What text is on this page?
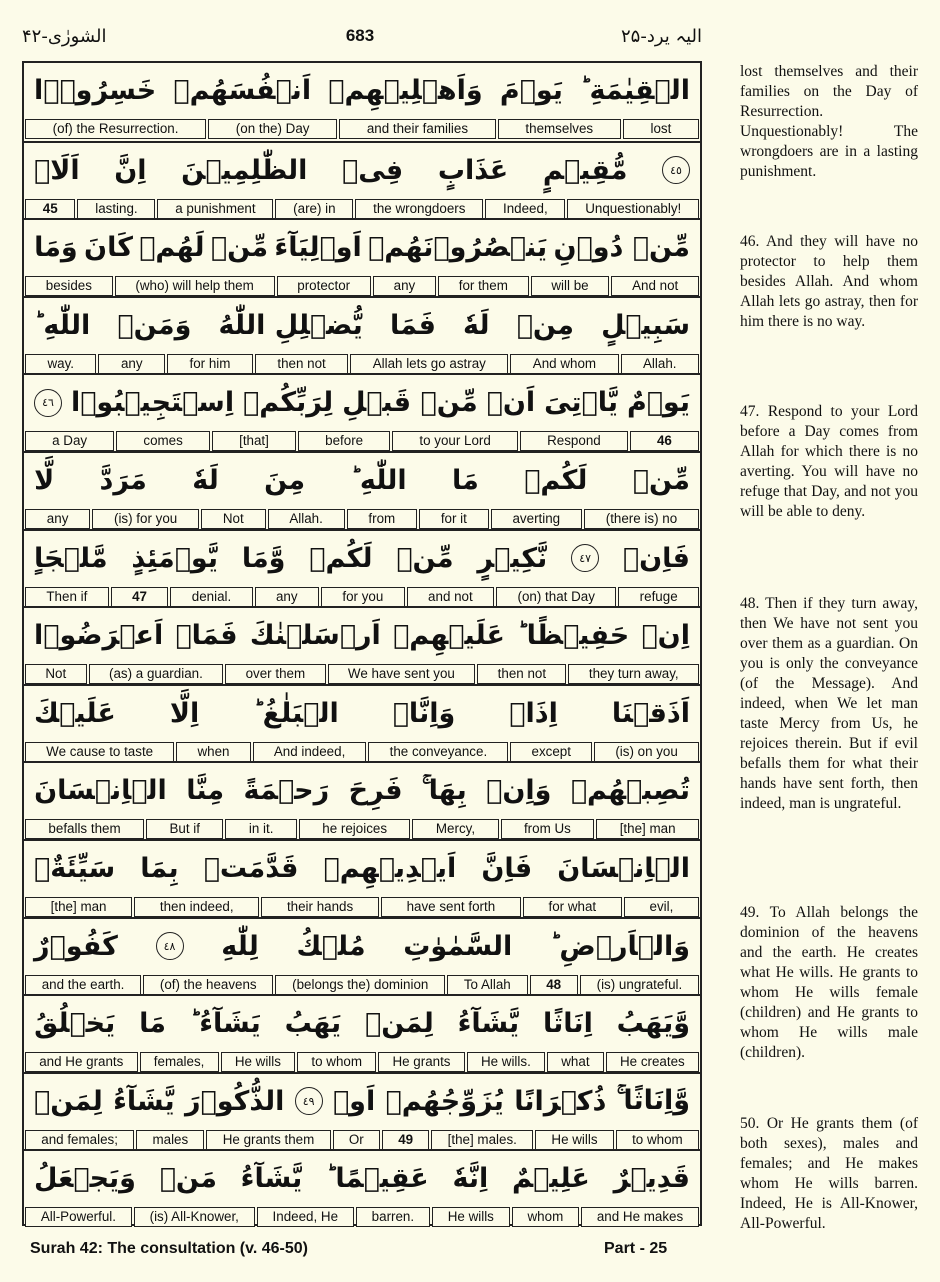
الشورٰی-۴۲	683	الیہ یرد-۲۵
خَسِرُوۡۤا اَنۡفُسَهُمۡ وَاَهۡلِيۡهِمۡ يَوۡمَ الۡقِيٰمَةِ ؕ
(of) the Resurrection.	(on the) Day	and their families	themselves	lost
اَلَاۤ اِنَّ الظّٰلِمِيۡنَ فِىۡ عَذَابٍ مُّقِيۡمٍ	٤٥
45	lasting.	a punishment	(are) in	the wrongdoers	Indeed,	Unquestionably!
وَمَا كَانَ لَهُمۡ مِّنۡ اَوۡلِيَآءَ يَنۡصُرُوۡنَهُمۡ مِّنۡ دُوۡنِ
besides	(who) will help them	protector	any	for them	will be	And not
اللّٰهِ ؕ وَمَنۡ يُّضۡلِلِ اللّٰهُ فَمَا لَهٗ مِنۡ سَبِيۡلٍ
way.	any	for him	then not	Allah lets go astray	And whom	Allah.
٤٦ اِسۡتَجِيۡبُوۡا لِرَبِّكُمۡ مِّنۡ قَبۡلِ اَنۡ يَّاۡتِىَ يَوۡمٌ
a Day	comes	[that]	before	to your Lord	Respond	46
لَّا مَرَدَّ لَهٗ مِنَ اللّٰهِ ؕ مَا لَكُمۡ مِّنۡ
any	(is) for you	Not	Allah.	from	for it	averting	(there is) no
مَّلۡجَاٍ يَّوۡمَئِذٍ وَّمَا لَكُمۡ مِّنۡ نَّكِيۡرٍ	٤٧ فَاِنۡ
Then if	47	denial.	any	for you	and not	(on) that Day	refuge
اَعۡرَضُوۡا فَمَاۤ اَرۡسَلۡنٰكَ عَلَيۡهِمۡ حَفِيۡظًا ؕ اِنۡ
Not	(as) a guardian.	over them	We have sent you	then not	they turn away,
عَلَيۡكَ اِلَّا الۡبَلٰغُ ؕ وَاِنَّاۤ اِذَاۤ اَذَقۡنَا
We cause to taste	when	And indeed,	the conveyance.	except	(is) on you
الۡاِنۡسَانَ مِنَّا رَحۡمَةً فَرِحَ بِهَا ۚ وَاِنۡ تُصِبۡهُمۡ
befalls them	But if	in it.	he rejoices	Mercy,	from Us	[the] man
سَيِّئَةٌۢ بِمَا قَدَّمَتۡ اَيۡدِيۡهِمۡ فَاِنَّ الۡاِنۡسَانَ
[the] man	then indeed,	their hands	have sent forth	for what	evil,
كَفُوۡرٌ	٤٨ لِلّٰهِ مُلۡكُ السَّمٰوٰتِ وَالۡاَرۡضِ ؕ
and the earth.	(of) the heavens	(belongs the) dominion	To Allah	48	(is) ungrateful.
يَخۡلُقُ مَا يَشَآءُ ؕ يَهَبُ لِمَنۡ يَّشَآءُ اِنَاثًا وَّيَهَبُ
and He grants	females,	He wills	to whom	He grants	He wills.	what	He creates
لِمَنۡ يَّشَآءُ الذُّكُوۡرَ	٤٩ اَوۡ يُزَوِّجُهُمۡ ذُكۡرَانًا وَّاِنَاثًا ۚ
and females;	males	He grants them	Or	49	[the] males.	He wills	to whom
وَيَجۡعَلُ مَنۡ يَّشَآءُ عَقِيۡمًا ؕ اِنَّهٗ عَلِيۡمٌ قَدِيۡرٌ
All-Powerful.	(is) All-Knower,	Indeed, He	barren.	He wills	whom	and He makes
lost themselves and their families on the Day of Resurrection. Unquestionably! The wrongdoers are in a lasting punishment.
46. And they will have no protector to help them besides Allah. And whom Allah lets go astray, then for him there is no way.
47. Respond to your Lord before a Day comes from Allah for which there is no averting. You will have no refuge that Day, and not you will be able to deny.
48. Then if they turn away, then We have not sent you over them as a guardian. On you is only the conveyance (of the Message). And indeed, when We let man taste Mercy from Us, he rejoices therein. But if evil befalls them for what their hands have sent forth, then indeed, man is ungrateful.
49. To Allah belongs the dominion of the heavens and the earth. He creates what He wills. He grants to whom He wills female (children) and He grants to whom He wills male (children).
50. Or He grants them (of both sexes), males and females; and He makes whom He wills barren. Indeed, He is All-Knower, All-Powerful.
Surah 42: The consultation (v. 46-50)	Part - 25
